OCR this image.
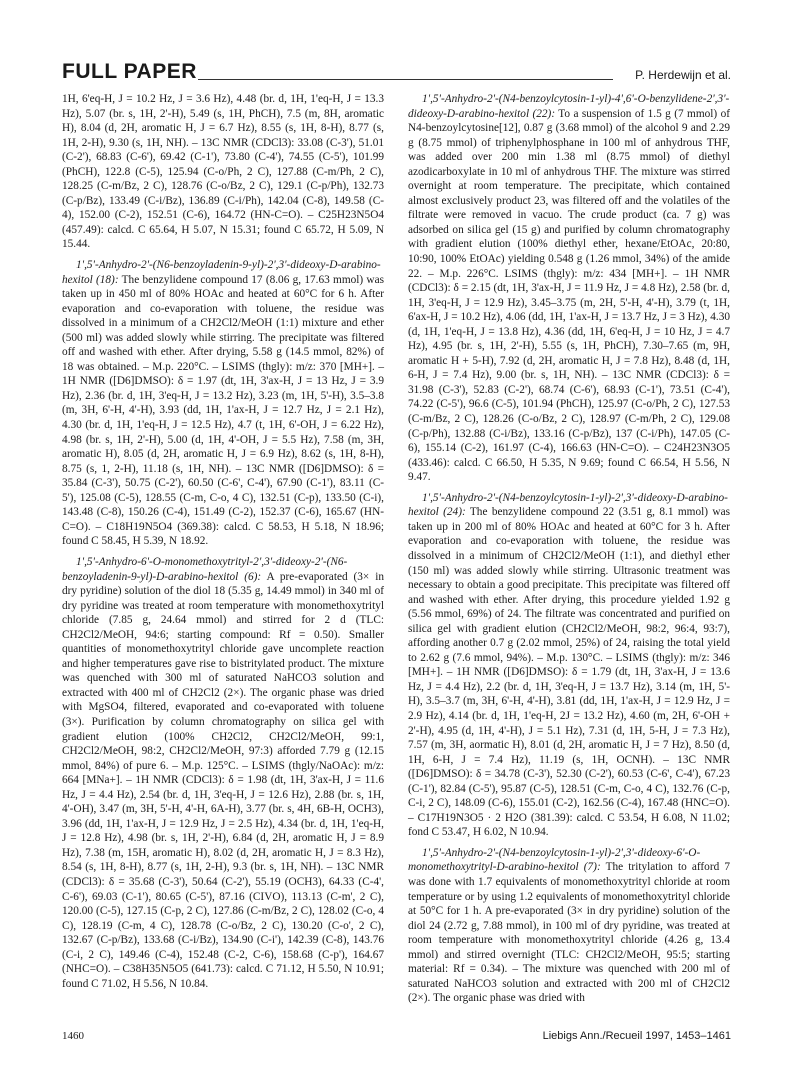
FULL PAPER	P. Herdewijn et al.

1H, 6'eq-H, J = 10.2 Hz, J = 3.6 Hz), 4.48 (br. d, 1H, 1'eq-H, J = 13.3 Hz), 5.07 (br. s, 1H, 2'-H), 5.49 (s, 1H, PhCH), 7.5 (m, 8H, aromatic H), 8.04 (d, 2H, aromatic H, J = 6.7 Hz), 8.55 (s, 1H, 8-H), 8.77 (s, 1H, 2-H), 9.30 (s, 1H, NH). – 13C NMR (CDCl3): 33.08 (C-3'), 51.01 (C-2'), 68.83 (C-6'), 69.42 (C-1'), 73.80 (C-4'), 74.55 (C-5'), 101.99 (PhCH), 122.8 (C-5), 125.94 (C-o/Ph, 2 C), 127.88 (C-m/Ph, 2 C), 128.25 (C-m/Bz, 2 C), 128.76 (C-o/Bz, 2 C), 129.1 (C-p/Ph), 132.73 (C-p/Bz), 133.49 (C-i/Bz), 136.89 (C-i/Ph), 142.04 (C-8), 149.58 (C-4), 152.00 (C-2), 152.51 (C-6), 164.72 (HN-C=O). – C25H23N5O4 (457.49): calcd. C 65.64, H 5.07, N 15.31; found C 65.72, H 5.09, N 15.44.

1',5'-Anhydro-2'-(N6-benzoyladenin-9-yl)-2',3'-dideoxy-D-arabino-hexitol (18): The benzylidene compound 17 (8.06 g, 17.63 mmol) was taken up in 450 ml of 80% HOAc and heated at 60°C for 6 h. After evaporation and co-evaporation with toluene, the residue was dissolved in a minimum of a CH2Cl2/MeOH (1:1) mixture and ether (500 ml) was added slowly while stirring. The precipitate was filtered off and washed with ether. After drying, 5.58 g (14.5 mmol, 82%) of 18 was obtained. – M.p. 220°C. – LSIMS (thgly): m/z: 370 [MH+]. – 1H NMR ([D6]DMSO): δ = 1.97 (dt, 1H, 3'ax-H, J = 13 Hz, J = 3.9 Hz), 2.36 (br. d, 1H, 3'eq-H, J = 13.2 Hz), 3.23 (m, 1H, 5'-H), 3.5–3.8 (m, 3H, 6'-H, 4'-H), 3.93 (dd, 1H, 1'ax-H, J = 12.7 Hz, J = 2.1 Hz), 4.30 (br. d, 1H, 1'eq-H, J = 12.5 Hz), 4.7 (t, 1H, 6'-OH, J = 6.22 Hz), 4.98 (br. s, 1H, 2'-H), 5.00 (d, 1H, 4'-OH, J = 5.5 Hz), 7.58 (m, 3H, aromatic H), 8.05 (d, 2H, aromatic H, J = 6.9 Hz), 8.62 (s, 1H, 8-H), 8.75 (s, 1, 2-H), 11.18 (s, 1H, NH). – 13C NMR ([D6]DMSO): δ = 35.84 (C-3'), 50.75 (C-2'), 60.50 (C-6', C-4'), 67.90 (C-1'), 83.11 (C-5'), 125.08 (C-5), 128.55 (C-m, C-o, 4 C), 132.51 (C-p), 133.50 (C-i), 143.48 (C-8), 150.26 (C-4), 151.49 (C-2), 152.37 (C-6), 165.67 (HN-C=O). – C18H19N5O4 (369.38): calcd. C 58.53, H 5.18, N 18.96; found C 58.45, H 5.39, N 18.92.

1',5'-Anhydro-6'-O-monomethoxytrityl-2',3'-dideoxy-2'-(N6-benzoyladenin-9-yl)-D-arabino-hexitol (6): A pre-evaporated (3× in dry pyridine) solution of the diol 18 (5.35 g, 14.49 mmol) in 340 ml of dry pyridine was treated at room temperature with monomethoxytrityl chloride (7.85 g, 24.64 mmol) and stirred for 2 d (TLC: CH2Cl2/MeOH, 94:6; starting compound: Rf = 0.50). Smaller quantities of monomethoxytrityl chloride gave uncomplete reaction and higher temperatures gave rise to bistritylated product. The mixture was quenched with 300 ml of saturated NaHCO3 solution and extracted with 400 ml of CH2Cl2 (2×). The organic phase was dried with MgSO4, filtered, evaporated and co-evaporated with toluene (3×). Purification by column chromatography on silica gel with gradient elution (100% CH2Cl2, CH2Cl2/MeOH, 99:1, CH2Cl2/MeOH, 98:2, CH2Cl2/MeOH, 97:3) afforded 7.79 g (12.15 mmol, 84%) of pure 6. – M.p. 125°C. – LSIMS (thgly/NaOAc): m/z: 664 [MNa+]. – 1H NMR (CDCl3): δ = 1.98 (dt, 1H, 3'ax-H, J = 11.6 Hz, J = 4.4 Hz), 2.54 (br. d, 1H, 3'eq-H, J = 12.6 Hz), 2.88 (br. s, 1H, 4'-OH), 3.47 (m, 3H, 5'-H, 4'-H, 6A-H), 3.77 (br. s, 4H, 6B-H, OCH3), 3.96 (dd, 1H, 1'ax-H, J = 12.9 Hz, J = 2.5 Hz), 4.34 (br. d, 1H, 1'eq-H, J = 12.8 Hz), 4.98 (br. s, 1H, 2'-H), 6.84 (d, 2H, aromatic H, J = 8.9 Hz), 7.38 (m, 15H, aromatic H), 8.02 (d, 2H, aromatic H, J = 8.3 Hz), 8.54 (s, 1H, 8-H), 8.77 (s, 1H, 2-H), 9.3 (br. s, 1H, NH). – 13C NMR (CDCl3): δ = 35.68 (C-3'), 50.64 (C-2'), 55.19 (OCH3), 64.33 (C-4', C-6'), 69.03 (C-1'), 80.65 (C-5'), 87.16 (CIVO), 113.13 (C-m', 2 C), 120.00 (C-5), 127.15 (C-p, 2 C), 127.86 (C-m/Bz, 2 C), 128.02 (C-o, 4 C), 128.19 (C-m, 4 C), 128.78 (C-o/Bz, 2 C), 130.20 (C-o', 2 C), 132.67 (C-p/Bz), 133.68 (C-i/Bz), 134.90 (C-i'), 142.39 (C-8), 143.76 (C-i, 2 C), 149.46 (C-4), 152.48 (C-2, C-6), 158.68 (C-p'), 164.67 (NHC=O). – C38H35N5O5 (641.73): calcd. C 71.12, H 5.50, N 10.91; found C 71.02, H 5.56, N 10.84.

1',5'-Anhydro-2'-(N4-benzoylcytosin-1-yl)-4',6'-O-benzylidene-2',3'-dideoxy-D-arabino-hexitol (22): To a suspension of 1.5 g (7 mmol) of N4-benzoylcytosine[12], 0.87 g (3.68 mmol) of the alcohol 9 and 2.29 g (8.75 mmol) of triphenylphosphane in 100 ml of anhydrous THF, was added over 200 min 1.38 ml (8.75 mmol) of diethyl azodicarboxylate in 10 ml of anhydrous THF. The mixture was stirred overnight at room temperature. The precipitate, which contained almost exclusively product 23, was filtered off and the volatiles of the filtrate were removed in vacuo. The crude product (ca. 7 g) was adsorbed on silica gel (15 g) and purified by column chromatography with gradient elution (100% diethyl ether, hexane/EtOAc, 20:80, 10:90, 100% EtOAc) yielding 0.548 g (1.26 mmol, 34%) of the amide 22. – M.p. 226°C. LSIMS (thgly): m/z: 434 [MH+]. – 1H NMR (CDCl3): δ = 2.15 (dt, 1H, 3'ax-H, J = 11.9 Hz, J = 4.8 Hz), 2.58 (br. d, 1H, 3'eq-H, J = 12.9 Hz), 3.45–3.75 (m, 2H, 5'-H, 4'-H), 3.79 (t, 1H, 6'ax-H, J = 10.2 Hz), 4.06 (dd, 1H, 1'ax-H, J = 13.7 Hz, J = 3 Hz), 4.30 (d, 1H, 1'eq-H, J = 13.8 Hz), 4.36 (dd, 1H, 6'eq-H, J = 10 Hz, J = 4.7 Hz), 4.95 (br. s, 1H, 2'-H), 5.55 (s, 1H, PhCH), 7.30–7.65 (m, 9H, aromatic H + 5-H), 7.92 (d, 2H, aromatic H, J = 7.8 Hz), 8.48 (d, 1H, 6-H, J = 7.4 Hz), 9.00 (br. s, 1H, NH). – 13C NMR (CDCl3): δ = 31.98 (C-3'), 52.83 (C-2'), 68.74 (C-6'), 68.93 (C-1'), 73.51 (C-4'), 74.22 (C-5'), 96.6 (C-5), 101.94 (PhCH), 125.97 (C-o/Ph, 2 C), 127.53 (C-m/Bz, 2 C), 128.26 (C-o/Bz, 2 C), 128.97 (C-m/Ph, 2 C), 129.08 (C-p/Ph), 132.88 (C-i/Bz), 133.16 (C-p/Bz), 137 (C-i/Ph), 147.05 (C-6), 155.14 (C-2), 161.97 (C-4), 166.63 (HN-C=O). – C24H23N3O5 (433.46): calcd. C 66.50, H 5.35, N 9.69; found C 66.54, H 5.56, N 9.47.

1',5'-Anhydro-2'-(N4-benzoylcytosin-1-yl)-2',3'-dideoxy-D-arabino-hexitol (24): The benzylidene compound 22 (3.51 g, 8.1 mmol) was taken up in 200 ml of 80% HOAc and heated at 60°C for 3 h. After evaporation and co-evaporation with toluene, the residue was dissolved in a minimum of CH2Cl2/MeOH (1:1), and diethyl ether (150 ml) was added slowly while stirring. Ultrasonic treatment was necessary to obtain a good precipitate. This precipitate was filtered off and washed with ether. After drying, this procedure yielded 1.92 g (5.56 mmol, 69%) of 24. The filtrate was concentrated and purified on silica gel with gradient elution (CH2Cl2/MeOH, 98:2, 96:4, 93:7), affording another 0.7 g (2.02 mmol, 25%) of 24, raising the total yield to 2.62 g (7.6 mmol, 94%). – M.p. 130°C. – LSIMS (thgly): m/z: 346 [MH+]. – 1H NMR ([D6]DMSO): δ = 1.79 (dt, 1H, 3'ax-H, J = 13.6 Hz, J = 4.4 Hz), 2.2 (br. d, 1H, 3'eq-H, J = 13.7 Hz), 3.14 (m, 1H, 5'-H), 3.5–3.7 (m, 3H, 6'-H, 4'-H), 3.81 (dd, 1H, 1'ax-H, J = 12.9 Hz, J = 2.9 Hz), 4.14 (br. d, 1H, 1'eq-H, 2J = 13.2 Hz), 4.60 (m, 2H, 6'-OH + 2'-H), 4.95 (d, 1H, 4'-H), J = 5.1 Hz), 7.31 (d, 1H, 5-H, J = 7.3 Hz), 7.57 (m, 3H, aormatic H), 8.01 (d, 2H, aromatic H, J = 7 Hz), 8.50 (d, 1H, 6-H, J = 7.4 Hz), 11.19 (s, 1H, OCNH). – 13C NMR ([D6]DMSO): δ = 34.78 (C-3'), 52.30 (C-2'), 60.53 (C-6', C-4'), 67.23 (C-1'), 82.84 (C-5'), 95.87 (C-5), 128.51 (C-m, C-o, 4 C), 132.76 (C-p, C-i, 2 C), 148.09 (C-6), 155.01 (C-2), 162.56 (C-4), 167.48 (HNC=O). – C17H19N3O5 · 2 H2O (381.39): calcd. C 53.54, H 6.08, N 11.02; fond C 53.47, H 6.02, N 10.94.

1',5'-Anhydro-2'-(N4-benzoylcytosin-1-yl)-2',3'-dideoxy-6'-O-monomethoxytrityl-D-arabino-hexitol (7): The tritylation to afford 7 was done with 1.7 equivalents of monomethoxytrityl chloride at room temperature or by using 1.2 equivalents of monomethoxytrityl chloride at 50°C for 1 h. A pre-evaporated (3× in dry pyridine) solution of the diol 24 (2.72 g, 7.88 mmol), in 100 ml of dry pyridine, was treated at room temperature with monomethoxytrityl chloride (4.26 g, 13.4 mmol) and stirred overnight (TLC: CH2Cl2/MeOH, 95:5; starting material: Rf = 0.34). – The mixture was quenched with 200 ml of saturated NaHCO3 solution and extracted with 200 ml of CH2Cl2 (2×). The organic phase was dried with

1460	Liebigs Ann./Recueil 1997, 1453–1461
